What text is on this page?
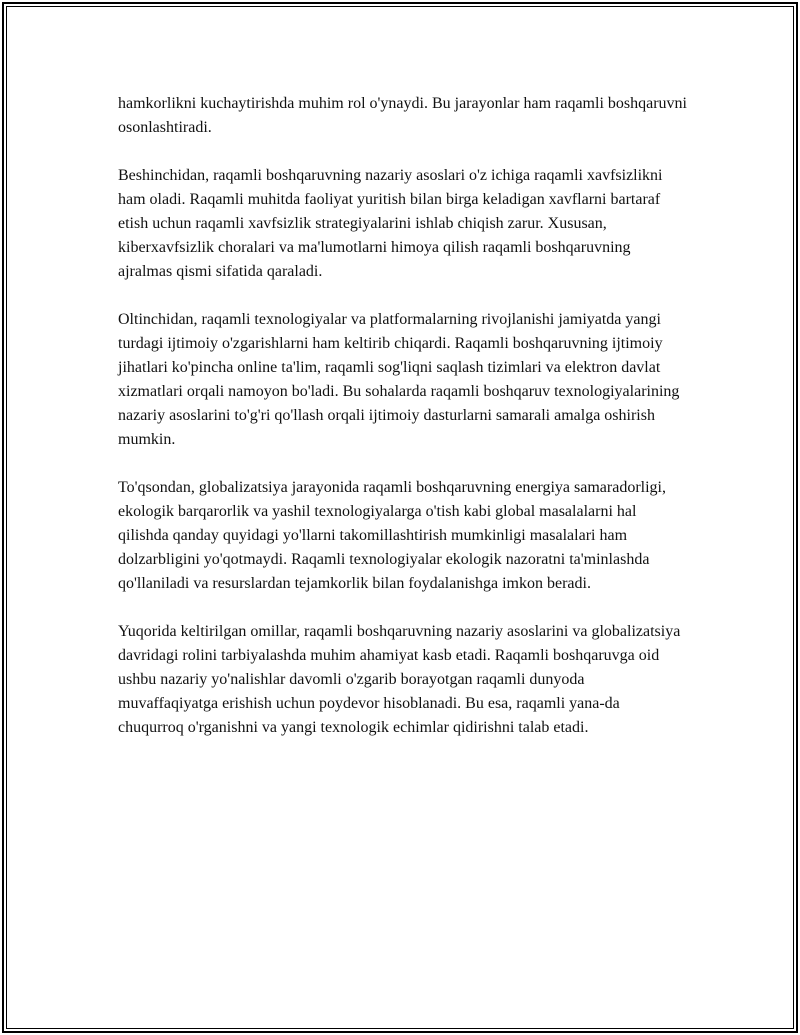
hamkorlikni kuchaytirishda muhim rol o'ynaydi. Bu jarayonlar ham raqamli boshqaruvni osonlashtiradi.

Beshinchidan, raqamli boshqaruvning nazariy asoslari o'z ichiga raqamli xavfsizlikni ham oladi. Raqamli muhitda faoliyat yuritish bilan birga keladigan xavflarni bartaraf etish uchun raqamli xavfsizlik strategiyalarini ishlab chiqish zarur. Xususan, kiberxavfsizlik choralari va ma'lumotlarni himoya qilish raqamli boshqaruvning ajralmas qismi sifatida qaraladi.

Oltinchidan, raqamli texnologiyalar va platformalarning rivojlanishi jamiyatda yangi turdagi ijtimoiy o'zgarishlarni ham keltirib chiqardi. Raqamli boshqaruvning ijtimoiy jihatlari ko'pincha online ta'lim, raqamli sog'liqni saqlash tizimlari va elektron davlat xizmatlari orqali namoyon bo'ladi. Bu sohalarda raqamli boshqaruv texnologiyalarining nazariy asoslarini to'g'ri qo'llash orqali ijtimoiy dasturlarni samarali amalga oshirish mumkin.

To'qsondan, globalizatsiya jarayonida raqamli boshqaruvning energiya samaradorligi, ekologik barqarorlik va yashil texnologiyalarga o'tish kabi global masalalarni hal qilishda qanday quyidagi yo'llarni takomillashtirish mumkinligi masalalari ham dolzarbligini yo'qotmaydi. Raqamli texnologiyalar ekologik nazoratni ta'minlashda qo'llaniladi va resurslardan tejamkorlik bilan foydalanishga imkon beradi.

Yuqorida keltirilgan omillar, raqamli boshqaruvning nazariy asoslarini va globalizatsiya davridagi rolini tarbiyalashda muhim ahamiyat kasb etadi. Raqamli boshqaruvga oid ushbu nazariy yo'nalishlar davomli o'zgarib borayotgan raqamli dunyoda muvaffaqiyatga erishish uchun poydevor hisoblanadi. Bu esa, raqamli yana-da chuqurroq o'rganishni va yangi texnologik echimlar qidirishni talab etadi.
